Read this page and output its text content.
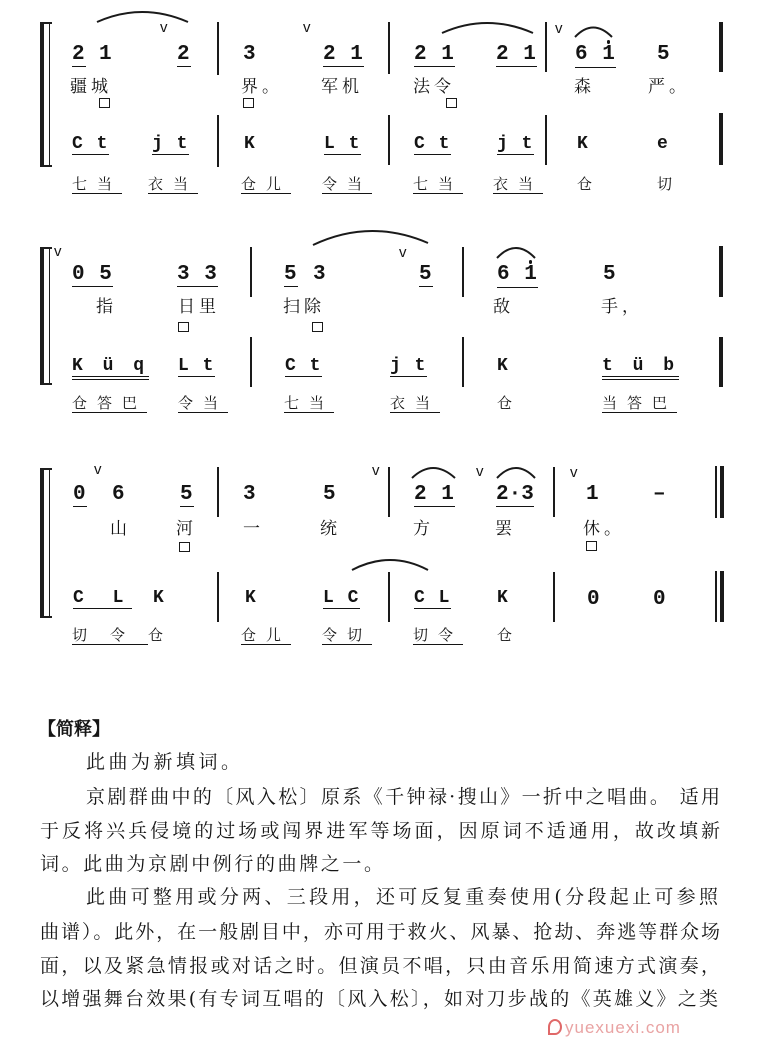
v	v	v
2 1	2 3	2 1 2 1 2 1 6 1 5
疆城	界。 军机	法令	森	严。
C t j t	K	L t	C t	j t K	e
七当 衣当	仓儿 令当	七当 衣当 仓	切
v	v
0 5	3 3	5 3	5	6 1	5
指	日里	扫除	敌	手，
K ü q L t	C t	j t	K	t ü b
仓答巴 令当	七当	衣当	仓	当答巴
v	v	v	v
0 6	5 3	5	2 1 2·3 1	–
山	河	一	统	方	罢	休。
C L K	K	L C	C L	K	0 0
切令 仓	仓儿 令切	切令 仓
【简释】
此曲为新填词。
京剧群曲中的〔风入松〕原系《千钟禄·搜山》一折中之唱曲。 适用
于反将兴兵侵境的过场或闯界进军等场面，因原词不适通用，故改填新
词。此曲为京剧中例行的曲牌之一。
此曲可整用或分两、三段用，还可反复重奏使用(分段起止可参照
曲谱）。此外，在一般剧目中，亦可用于救火、风暴、抢劫、奔逃等群众场
面，以及紧急情报或对话之时。但演员不唱，只由音乐用简速方式演奏，
以增强舞台效果(有专词互唱的〔风入松〕，如对刀步战的《英雄义》之类
yuexuexi.com
